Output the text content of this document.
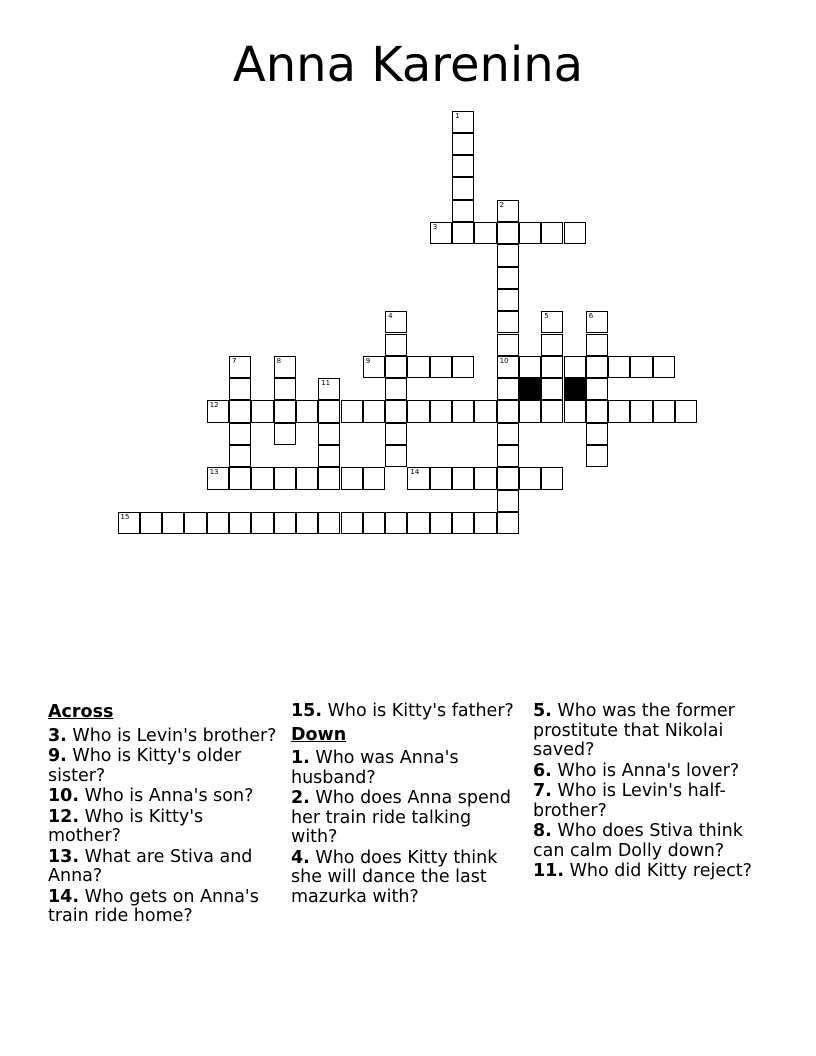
Anna Karenina
3
9	10
12
13	14
15
1
2
4	5	6
7	8
11
Across
3. Who is Levin's brother?
9. Who is Kitty's older sister?
10. Who is Anna's son?
12. Who is Kitty's mother?
13. What are Stiva and Anna?
14. Who gets on Anna's train ride home?
15. Who is Kitty's father?
Down
1. Who was Anna's husband?
2. Who does Anna spend her train ride talking with?
4. Who does Kitty think she will dance the last mazurka with?
5. Who was the former prostitute that Nikolai saved?
6. Who is Anna's lover?
7. Who is Levin's half-brother?
8. Who does Stiva think can calm Dolly down?
11. Who did Kitty reject?
